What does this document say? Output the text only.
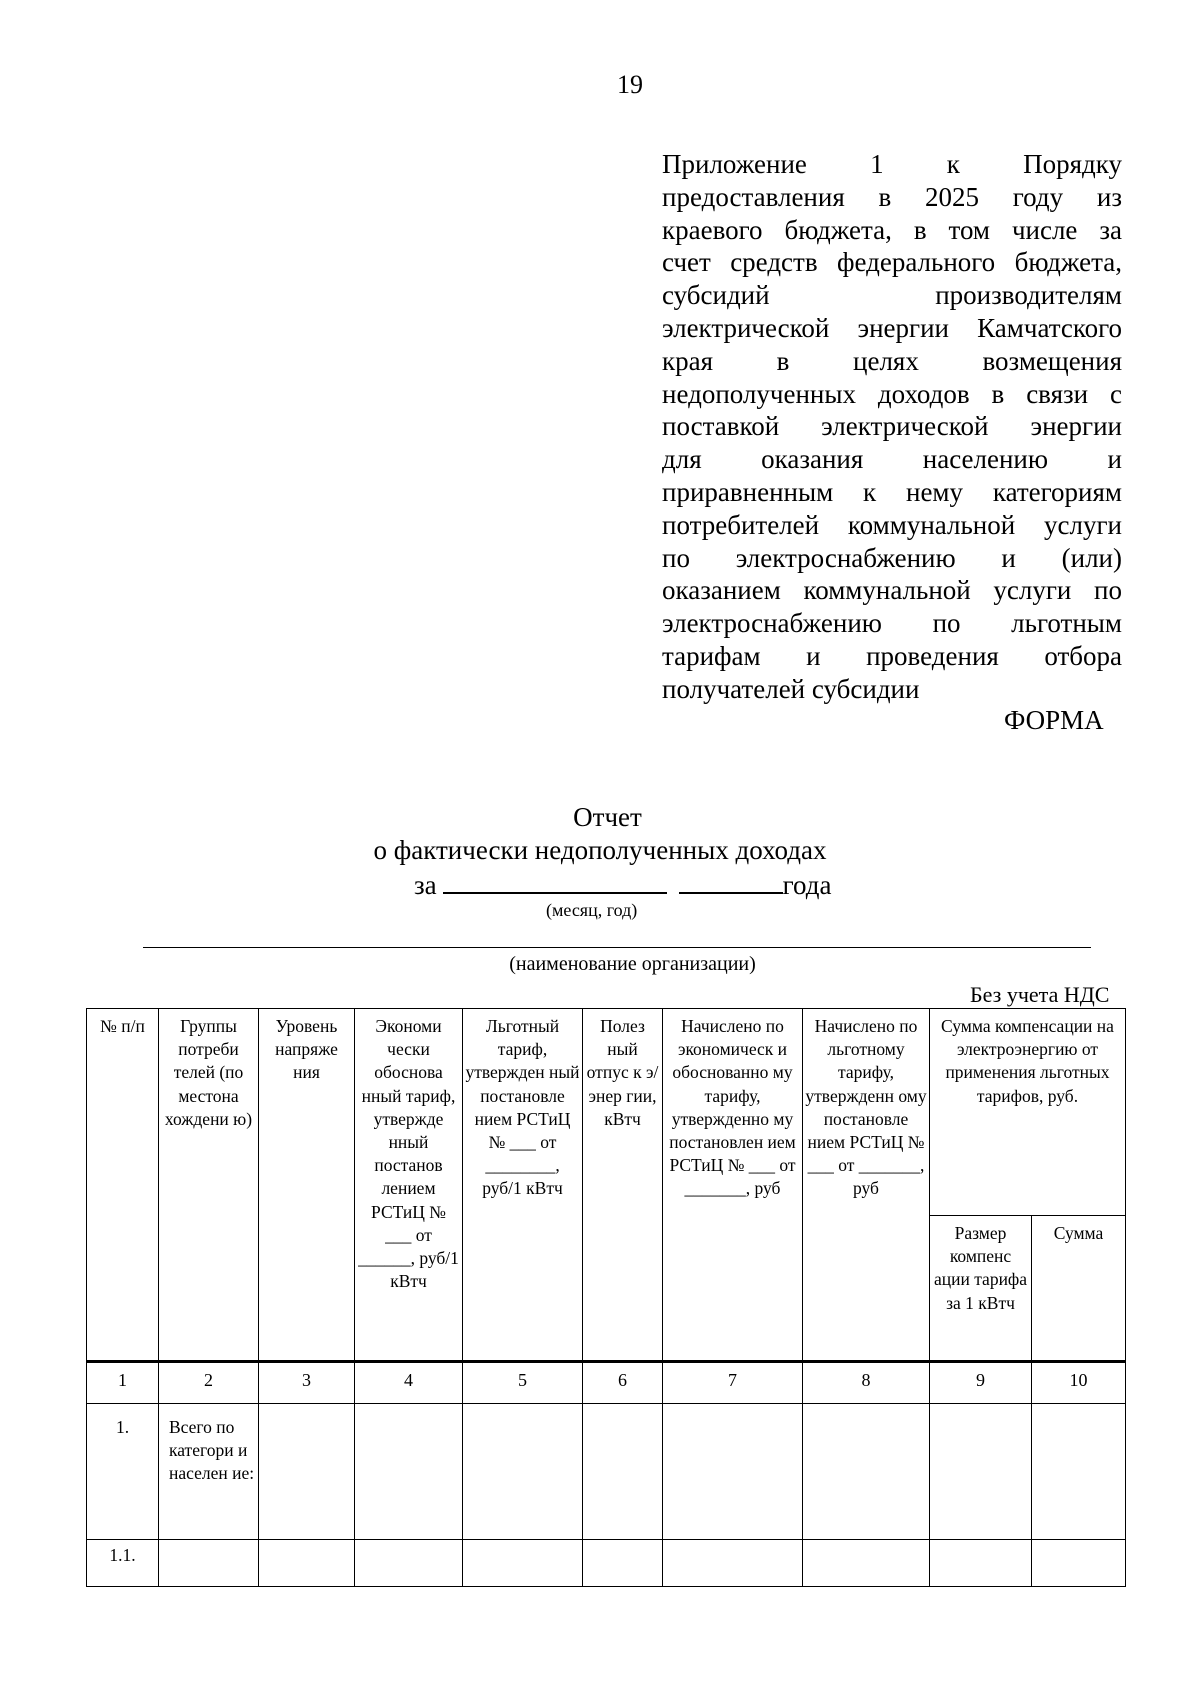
19
Приложение 1 к Порядку
предоставления в 2025 году из
краевого бюджета, в том числе за
счет средств федерального бюджета,
субсидий производителям
электрической энергии Камчатского
края в целях возмещения
недополученных доходов в связи с
поставкой электрической энергии
для оказания населению и
приравненным к нему категориям
потребителей коммунальной услуги
по электроснабжению и (или)
оказанием коммунальной услуги по
электроснабжению по льготным
тарифам и проведения отбора
получателей субсидии
ФОРМА
Отчет
о фактически недополученных доходах
за	года
(месяц, год)
(наименование организации)
Без учета НДС
№ п/п	Группы потреби телей (по местона хождени ю)	Уровень напряже ния	Экономи чески обоснова нный тариф, утвержде нный постанов лением РСТиЦ № ___ от ______, руб/1 кВтч	Льготный тариф, утвержден ный постановле нием РСТиЦ № ___ от ________, руб/1 кВтч	Полез ный отпус к э/энер гии, кВтч	Начислено по экономическ и обоснованно му тарифу, утвержденно му постановлен ием РСТиЦ № ___ от _______, руб	Начислено по льготному тарифу, утвержденн ому постановле нием РСТиЦ № ___ от _______, руб	Сумма компенсации на электроэнергию от применения льготных тарифов, руб.	
								Размер компенс ации тарифа за 1 кВтч	Сумма

1	2	3	4	5	6	7	8	9	10
1.	Всего по категори и населен ие:								
1.1.									
